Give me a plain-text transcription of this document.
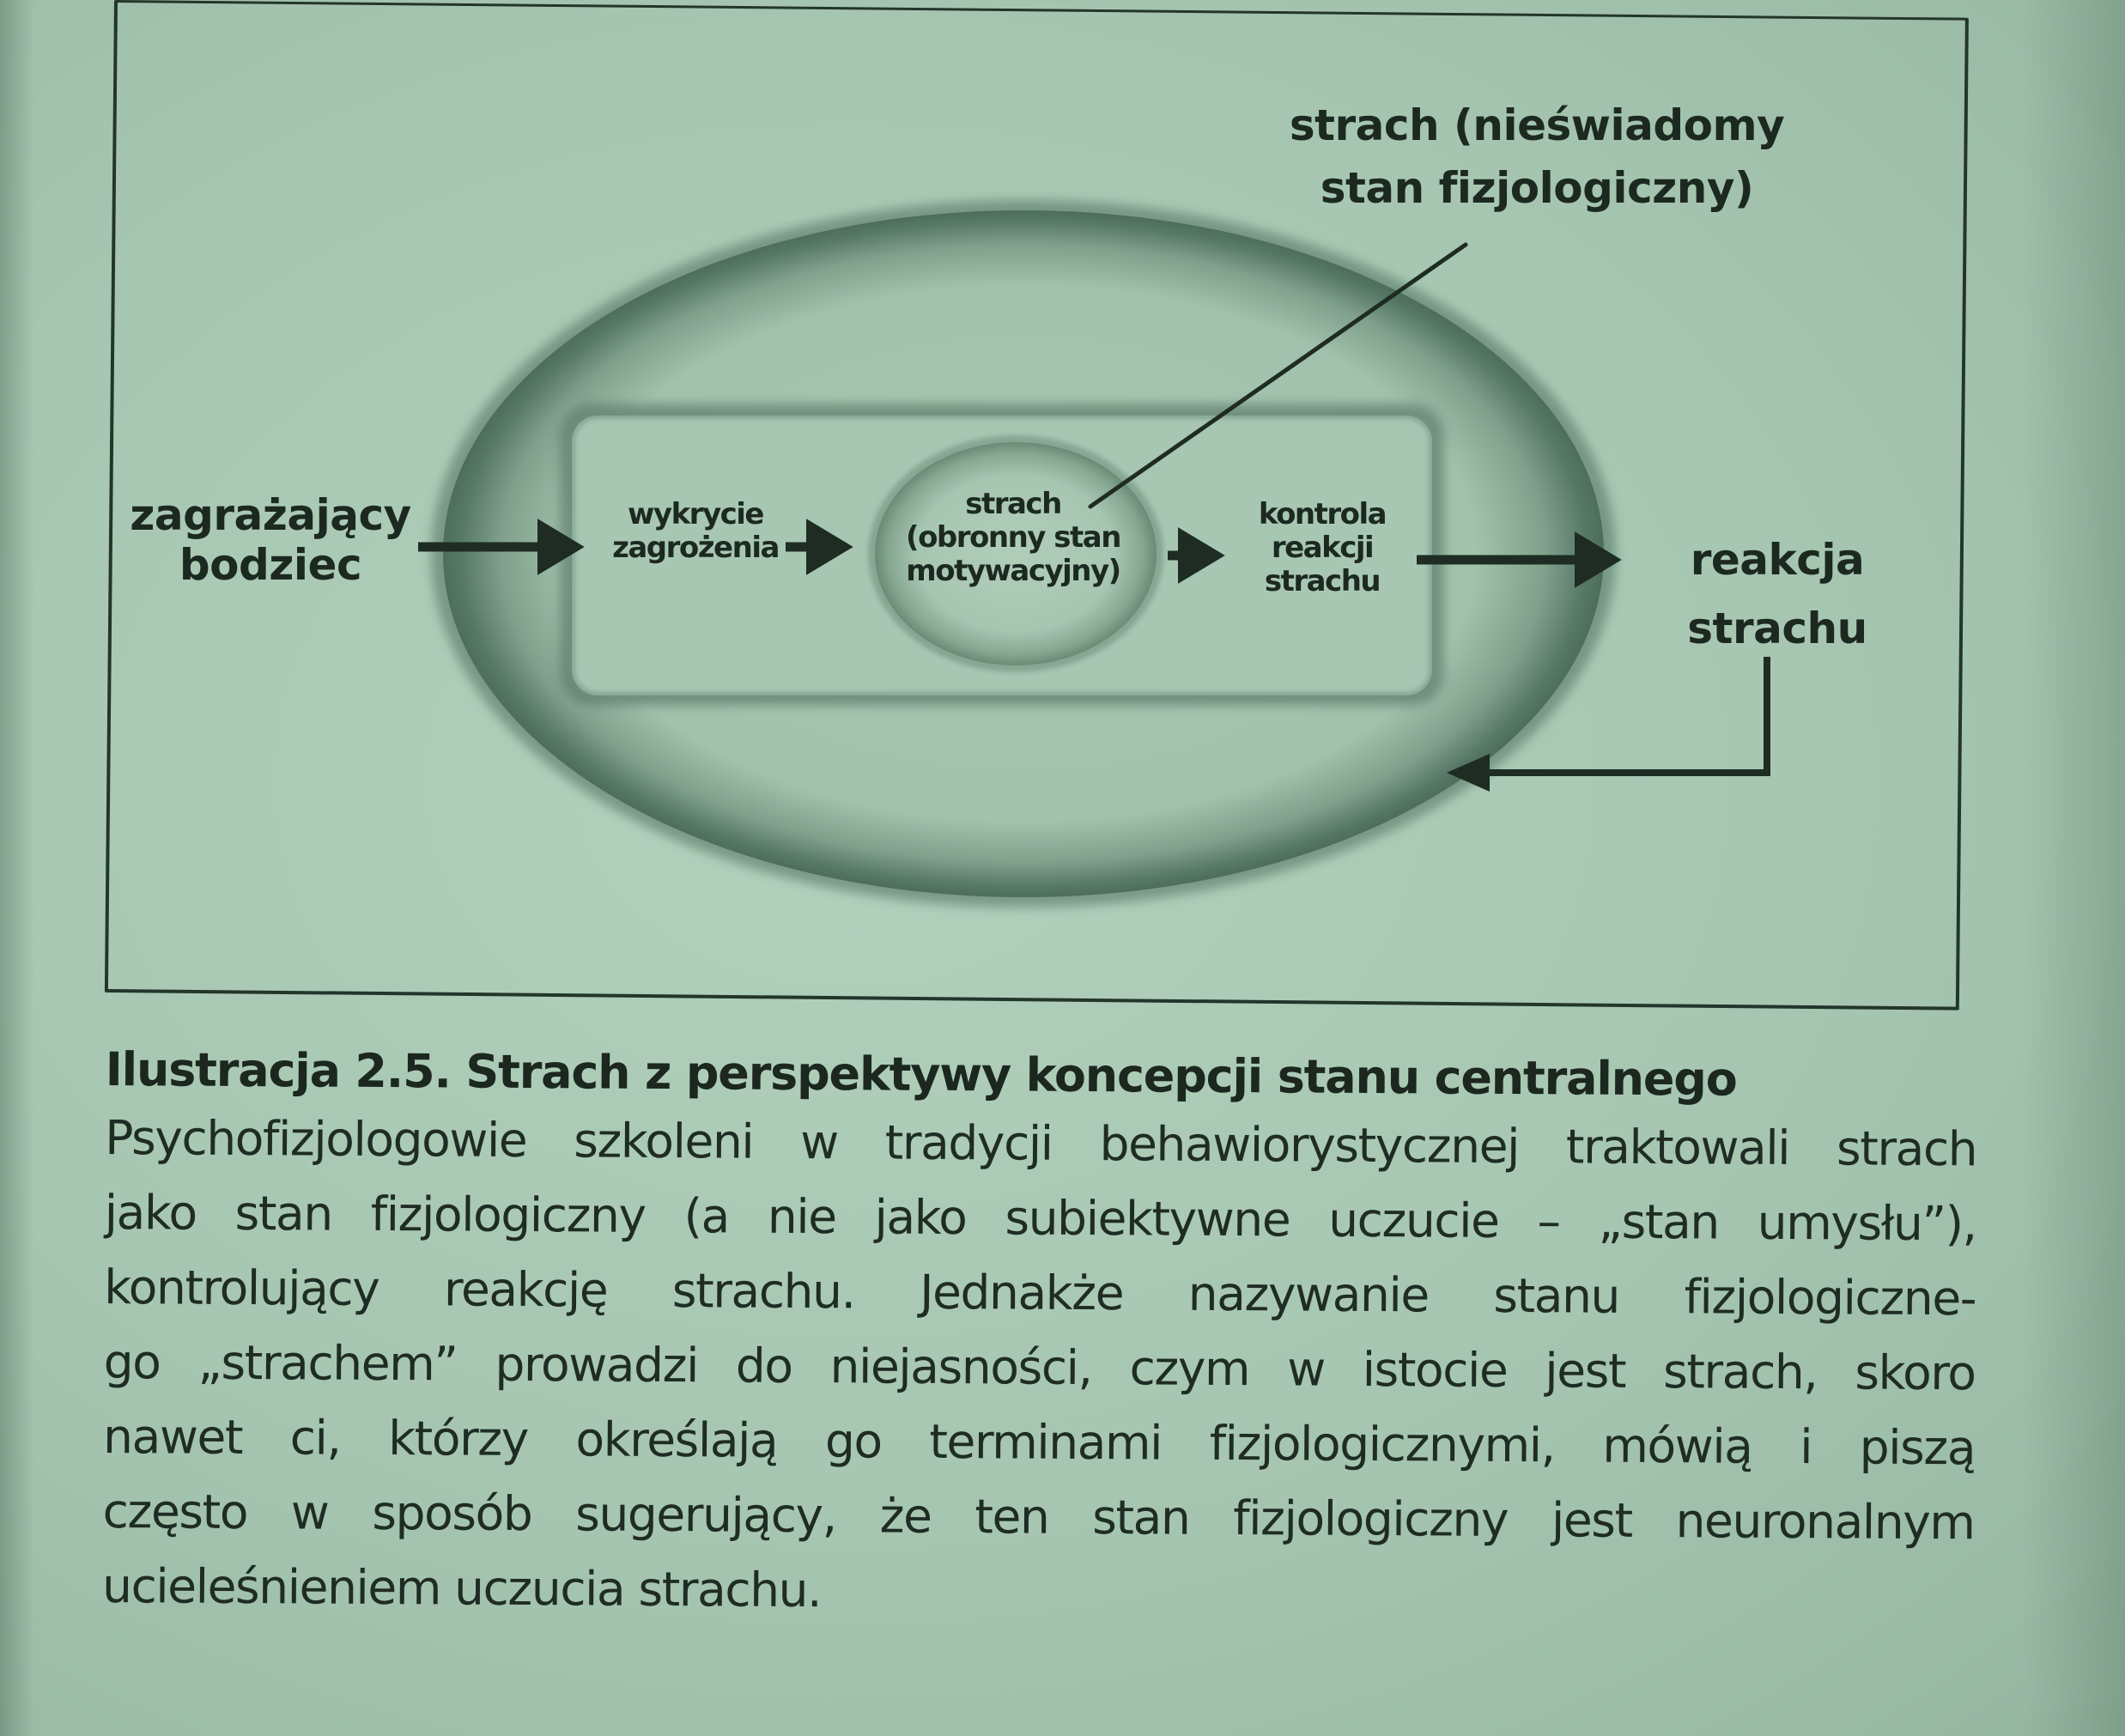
zagrażający
bodziec
wykrycie
zagrożenia
strach
(obronny stan
motywacyjny)
kontrola
reakcji
strachu	reakcja
strachu
strach (nieświadomy
stan fizjologiczny)

Ilustracja 2.5. Strach z perspektywy koncepcji stanu centralnego

Psychofizjologowie szkoleni w tradycji behawiorystycznej traktowali strach
jako stan fizjologiczny (a nie jako subiektywne uczucie – „stan umysłu”),
kontrolujący reakcję strachu. Jednakże nazywanie stanu fizjologiczne-
go „strachem” prowadzi do niejasności, czym w istocie jest strach, skoro
nawet ci, którzy określają go terminami fizjologicznymi, mówią i piszą
często w sposób sugerujący, że ten stan fizjologiczny jest neuronalnym
ucieleśnieniem uczucia strachu.
